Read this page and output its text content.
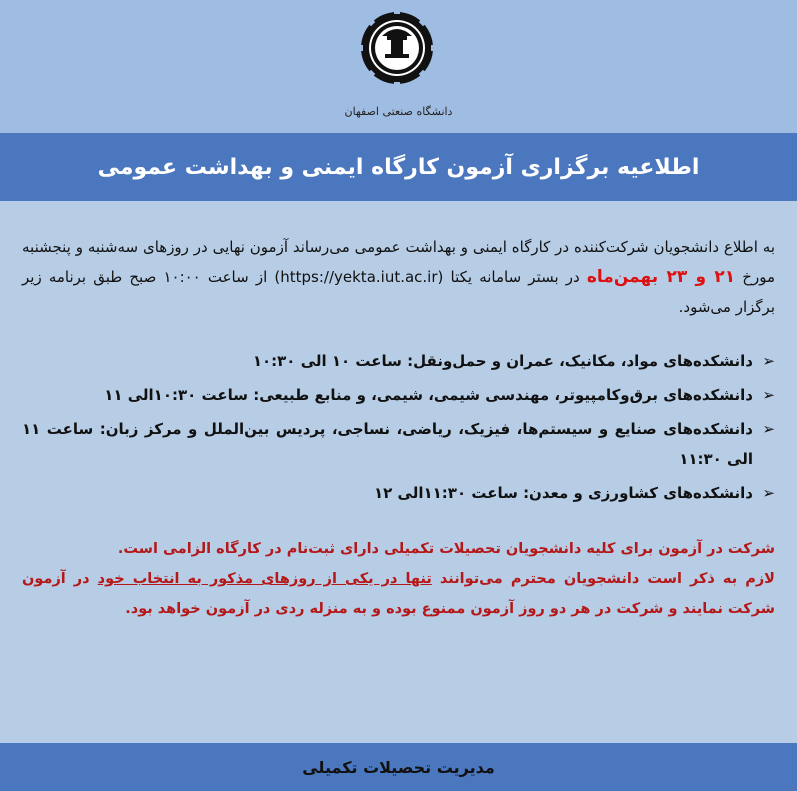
دانشگاه صنعتی اصفهان
اطلاعیه برگزاری آزمون کارگاه ایمنی و بهداشت عمومی
به اطلاع دانشجویان شرکت‌کننده در کارگاه ایمنی و بهداشت عمومی می‌رساند آزمون نهایی در روزهای سه‌شنبه و پنجشنبه مورخ ۲۱ و ۲۳ بهمن‌ماه در بستر سامانه یکتا (https://yekta.iut.ac.ir) از ساعت ۱۰:۰۰ صبح طبق برنامه زیر برگزار می‌شود.
➢
دانشکده‌های مواد، مکانیک، عمران و حمل‌ونقل: ساعت ۱۰ الی ۱۰:۳۰
➢
دانشکده‌های برق‌وکامپیوتر، مهندسی شیمی، شیمی، و منابع طبیعی: ساعت ۱۰:۳۰الی ۱۱
➢
دانشکده‌های صنایع و سیستم‌ها، فیزیک، ریاضی، نساجی، پردیس بین‌الملل و مرکز زبان: ساعت ۱۱ الی ۱۱:۳۰
➢
دانشکده‌های کشاورزی و معدن: ساعت ۱۱:۳۰الی ۱۲

شرکت در آزمون برای کلیه دانشجویان تحصیلات تکمیلی دارای ثبت‌نام در کارگاه الزامی است.

لازم به ذکر است دانشجویان محترم می‌توانند تنها در یکی از روزهای مذکور به انتخاب خود در آزمون شرکت نمایند و شرکت در هر دو روز آزمون ممنوع بوده و به منزله ردی در آزمون خواهد بود.

مدیریت تحصیلات تکمیلی
